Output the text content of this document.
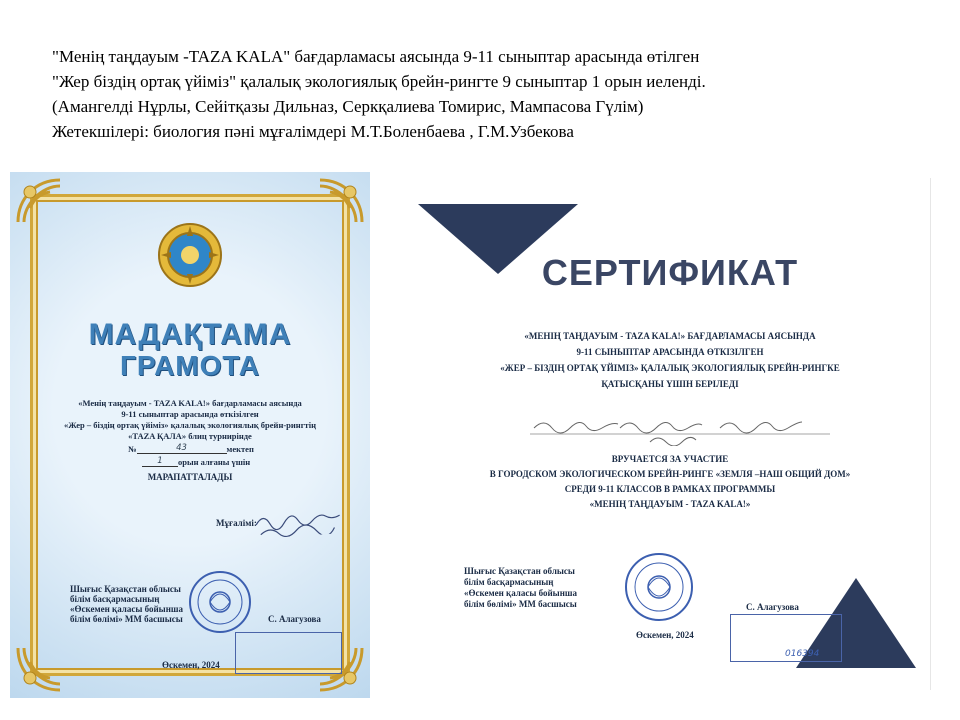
"Менің таңдауым -TAZA KALA" бағдарламасы аясында 9-11 сыныптар арасында өтілген
"Жер біздің ортақ үйіміз" қалалық экологиялық брейн-рингте 9 сыныптар 1 орын иеленді.
(Амангелді Нұрлы, Сейітқазы Дильназ, Серкқалиева Томирис, Мампасова Гүлім)
Жетекшілері: биология пәні мұғалімдері М.Т.Боленбаева , Г.М.Узбекова
МАДАҚТАМА
ГРАМОТА
«Менің таңдауым - TAZA KALA!» бағдарламасы аясында
9-11 сыныптар арасында өткізілген
«Жер – біздің ортақ үйіміз» қалалық экологиялық брейн-рингтің
«TAZA ҚАЛА» блиц турнирінде
№	43	мектеп
1 орын алғаны үшін
МАРАПАТТАЛАДЫ
Мұғалімі:
Шығыс Қазақстан облысы
білім басқармасының
«Өскемен қаласы бойынша
білім бөлімі» ММ басшысы	С. Алагузова
Өскемен, 2024
СЕРТИФИКАТ
«МЕНІҢ ТАҢДАУЫМ - TAZA KALA!» БАҒДАРЛАМАСЫ АЯСЫНДА
9-11 СЫНЫПТАР АРАСЫНДА ӨТКІЗІЛГЕН
«ЖЕР – БІЗДІҢ ОРТАҚ ҮЙІМІЗ» ҚАЛАЛЫҚ ЭКОЛОГИЯЛЫҚ БРЕЙН-РИНГКЕ
ҚАТЫСҚАНЫ ҮШІН БЕРІЛЕДІ
ВРУЧАЕТСЯ ЗА УЧАСТИЕ
В ГОРОДСКОМ ЭКОЛОГИЧЕСКОМ БРЕЙН-РИНГЕ «ЗЕМЛЯ –НАШ ОБЩИЙ ДОМ»
СРЕДИ 9-11 КЛАССОВ В РАМКАХ ПРОГРАММЫ
«МЕНІҢ ТАҢДАУЫМ - TAZA KALA!»
Шығыс Қазақстан облысы
білім басқармасының
«Өскемен қаласы бойынша
білім бөлімі» ММ басшысы	С. Алагузова
016394
Өскемен, 2024
